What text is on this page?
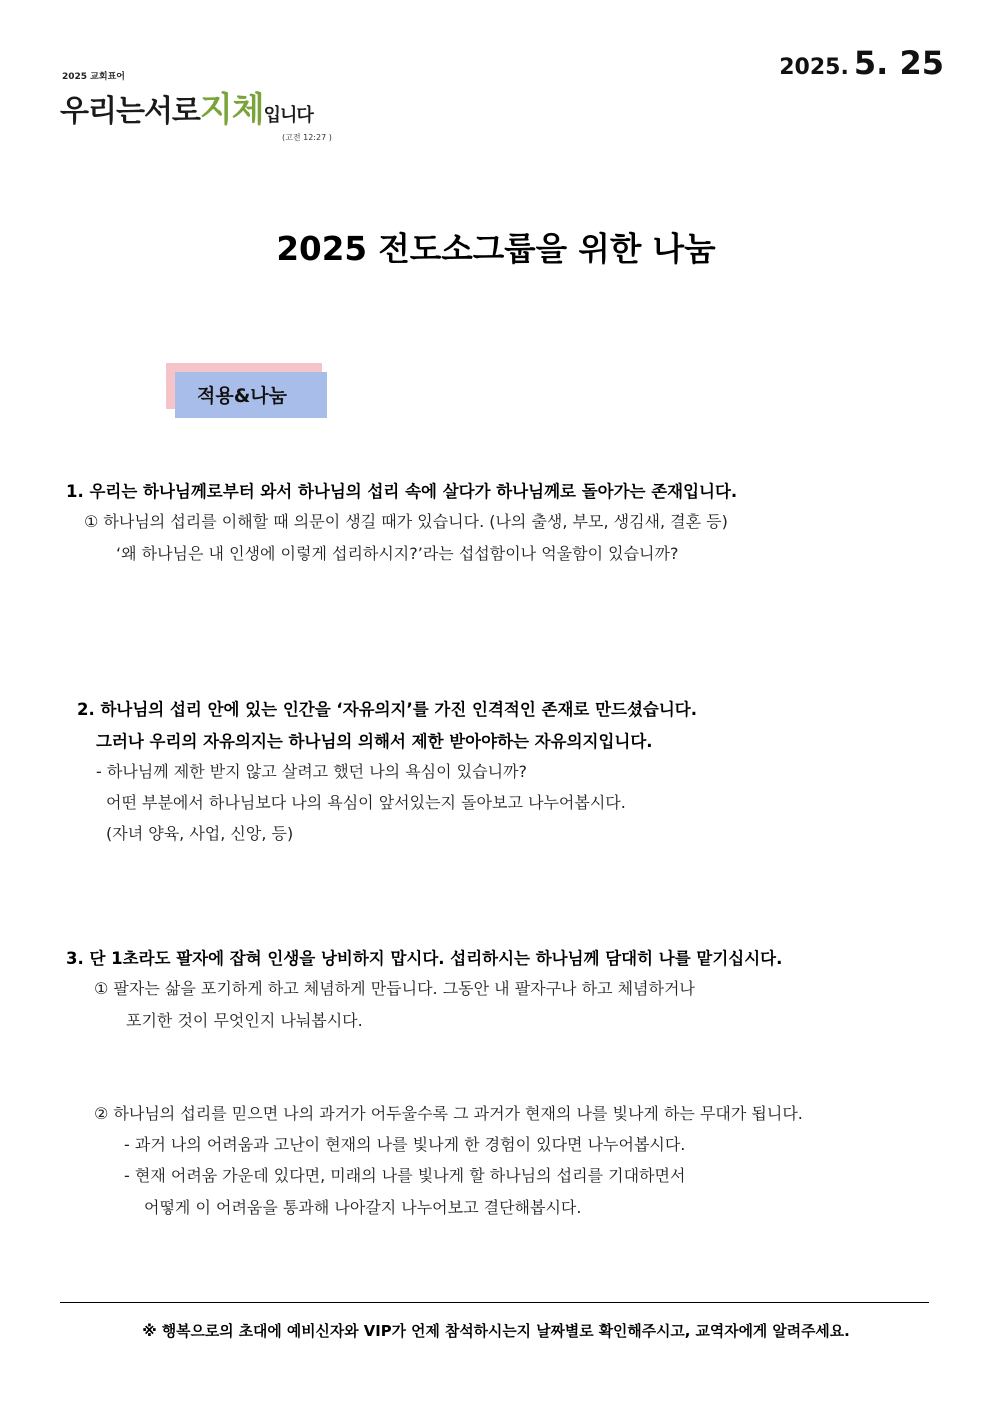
2025 교회표어
우리는서로지체입니다
(고전 12:27 )
2025. 5. 25
2025 전도소그룹을 위한 나눔
적용&나눔
1. 우리는 하나님께로부터 와서 하나님의 섭리 속에 살다가 하나님께로 돌아가는 존재입니다.
① 하나님의 섭리를 이해할 때 의문이 생길 때가 있습니다. (나의 출생, 부모, 생김새, 결혼 등)
‘왜 하나님은 내 인생에 이렇게 섭리하시지?’라는 섭섭함이나 억울함이 있습니까?
2. 하나님의 섭리 안에 있는 인간을 ‘자유의지’를 가진 인격적인 존재로 만드셨습니다.
그러나 우리의 자유의지는 하나님의 의해서 제한 받아야하는 자유의지입니다.
- 하나님께 제한 받지 않고 살려고 했던 나의 욕심이 있습니까?
어떤 부분에서 하나님보다 나의 욕심이 앞서있는지 돌아보고 나누어봅시다.
(자녀 양육, 사업, 신앙, 등)
3. 단 1초라도 팔자에 잡혀 인생을 낭비하지 맙시다. 섭리하시는 하나님께 담대히 나를 맡기십시다.
① 팔자는 삶을 포기하게 하고 체념하게 만듭니다. 그동안 내 팔자구나 하고 체념하거나
포기한 것이 무엇인지 나눠봅시다.
② 하나님의 섭리를 믿으면 나의 과거가 어두울수록 그 과거가 현재의 나를 빛나게 하는 무대가 됩니다.
- 과거 나의 어려움과 고난이 현재의 나를 빛나게 한 경험이 있다면 나누어봅시다.
- 현재 어려움 가운데 있다면, 미래의 나를 빛나게 할 하나님의 섭리를 기대하면서
어떻게 이 어려움을 통과해 나아갈지 나누어보고 결단해봅시다.
※ 행복으로의 초대에 예비신자와 VIP가 언제 참석하시는지 날짜별로 확인해주시고, 교역자에게 알려주세요.
